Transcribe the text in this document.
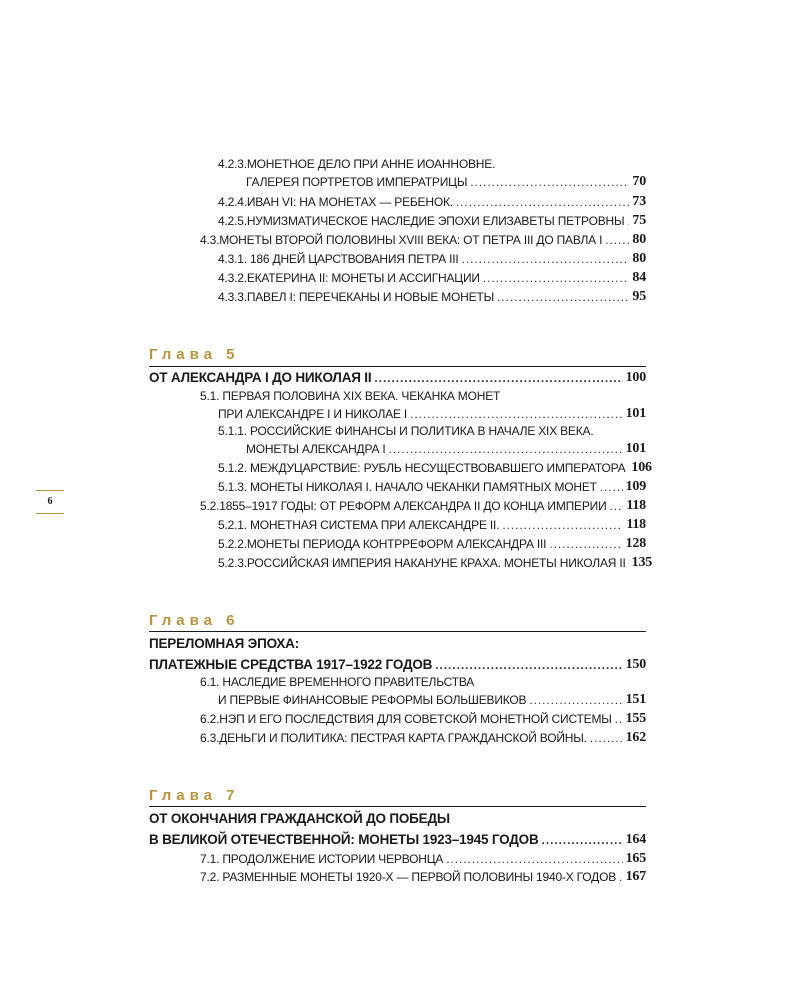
6
4.2.3.МОНЕТНОЕ ДЕЛО ПРИ АННЕ ИОАННОВНЕ.
ГАЛЕРЕЯ ПОРТРЕТОВ ИМПЕРАТРИЦЫ . . .	70
4.2.4.ИВАН VI: НА МОНЕТАХ — РЕБЕНОК. . . .	73
4.2.5.НУМИЗМАТИЧЕСКОЕ НАСЛЕДИЕ ЭПОХИ ЕЛИЗАВЕТЫ ПЕТРОВНЫ . . . 75
4.3.МОНЕТЫ ВТОРОЙ ПОЛОВИНЫ XVIII ВЕКА: ОТ ПЕТРА III ДО ПАВЛА I . . . 80
4.3.1. 186 ДНЕЙ ЦАРСТВОВАНИЯ ПЕТРА III . . .	80
4.3.2.ЕКАТЕРИНА II: МОНЕТЫ И АССИГНАЦИИ . . .	84
4.3.3.ПАВЕЛ I: ПЕРЕЧЕКАНЫ И НОВЫЕ МОНЕТЫ . . .	95
Глава 5
ОТ АЛЕКСАНДРА I ДО НИКОЛАЯ II . . .	100
5.1. ПЕРВАЯ ПОЛОВИНА XIX ВЕКА. ЧЕКАНКА МОНЕТ
ПРИ АЛЕКСАНДРЕ I И НИКОЛАЕ I . . .	101
5.1.1. РОССИЙСКИЕ ФИНАНСЫ И ПОЛИТИКА В НАЧАЛЕ XIX ВЕКА.
МОНЕТЫ АЛЕКСАНДРА I . . .	101
5.1.2. МЕЖДУЦАРСТВИЕ: РУБЛЬ НЕСУЩЕСТВОВАВШЕГО ИМПЕРАТОРА 106
5.1.3. МОНЕТЫ НИКОЛАЯ I. НАЧАЛО ЧЕКАНКИ ПАМЯТНЫХ МОНЕТ . . . 109
5.2.1855–1917 ГОДЫ: ОТ РЕФОРМ АЛЕКСАНДРА II ДО КОНЦА ИМПЕРИИ . . . 118
5.2.1. МОНЕТНАЯ СИСТЕМА ПРИ АЛЕКСАНДРЕ II. . . .	118
5.2.2.МОНЕТЫ ПЕРИОДА КОНТРРЕФОРМ АЛЕКСАНДРА III . . .	128
5.2.3.РОССИЙСКАЯ ИМПЕРИЯ НАКАНУНЕ КРАХА. МОНЕТЫ НИКОЛАЯ II 135
Глава 6
ПЕРЕЛОМНАЯ ЭПОХА:
ПЛАТЕЖНЫЕ СРЕДСТВА 1917–1922 ГОДОВ . . .	150
6.1. НАСЛЕДИЕ ВРЕМЕННОГО ПРАВИТЕЛЬСТВА
И ПЕРВЫЕ ФИНАНСОВЫЕ РЕФОРМЫ БОЛЬШЕВИКОВ . . .	151
6.2.НЭП И ЕГО ПОСЛЕДСТВИЯ ДЛЯ СОВЕТСКОЙ МОНЕТНОЙ СИСТЕМЫ . . . 155
6.3.ДЕНЬГИ И ПОЛИТИКА: ПЕСТРАЯ КАРТА ГРАЖДАНСКОЙ ВОЙНЫ. . . .	162
Глава 7
ОТ ОКОНЧАНИЯ ГРАЖДАНСКОЙ ДО ПОБЕДЫ
В ВЕЛИКОЙ ОТЕЧЕСТВЕННОЙ: МОНЕТЫ 1923–1945 ГОДОВ . . .	164
7.1. ПРОДОЛЖЕНИЕ ИСТОРИИ ЧЕРВОНЦА . . .	165
7.2. РАЗМЕННЫЕ МОНЕТЫ 1920-Х — ПЕРВОЙ ПОЛОВИНЫ 1940-Х ГОДОВ . . . 167
